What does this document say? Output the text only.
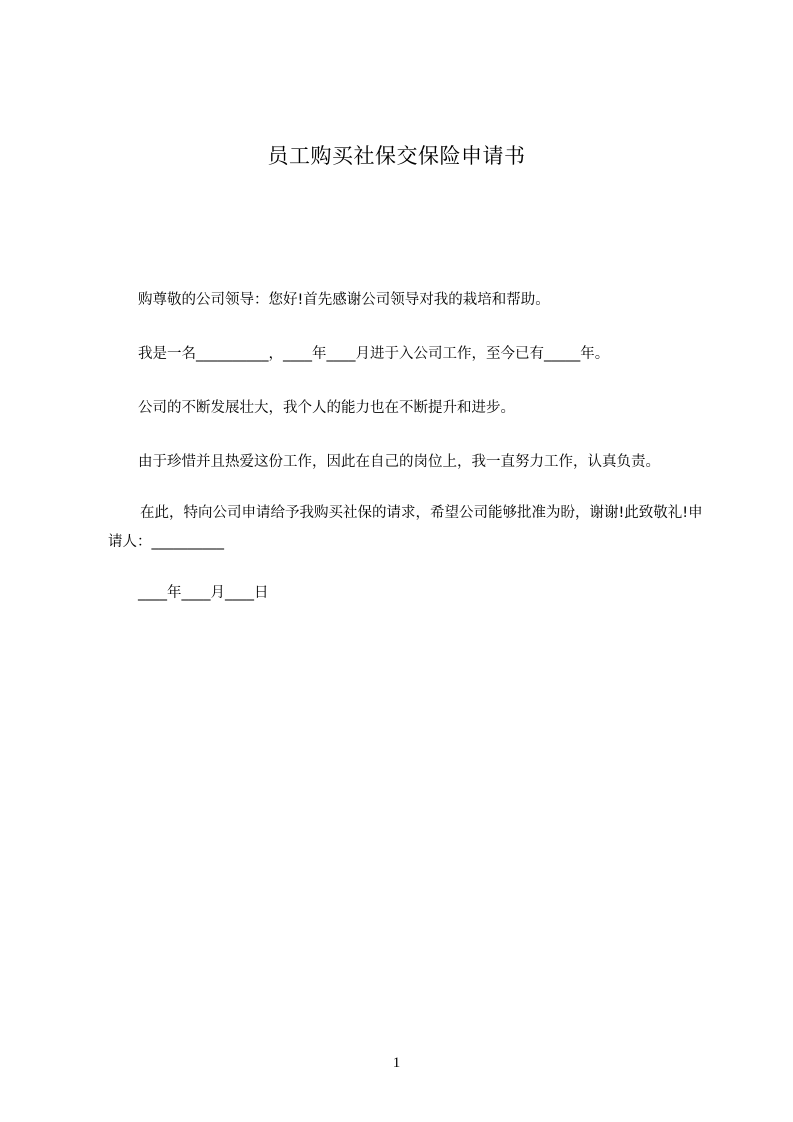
员工购买社保交保险申请书
购尊敬的公司领导：您好!首先感谢公司领导对我的栽培和帮助。
我是一名__________，____年____月进于入公司工作，至今已有_____年。
公司的不断发展壮大，我个人的能力也在不断提升和进步。
由于珍惜并且热爱这份工作，因此在自己的岗位上，我一直努力工作，认真负责。
在此，特向公司申请给予我购买社保的请求，希望公司能够批准为盼，谢谢!此致敬礼!申请人：__________
____年____月____日
1
